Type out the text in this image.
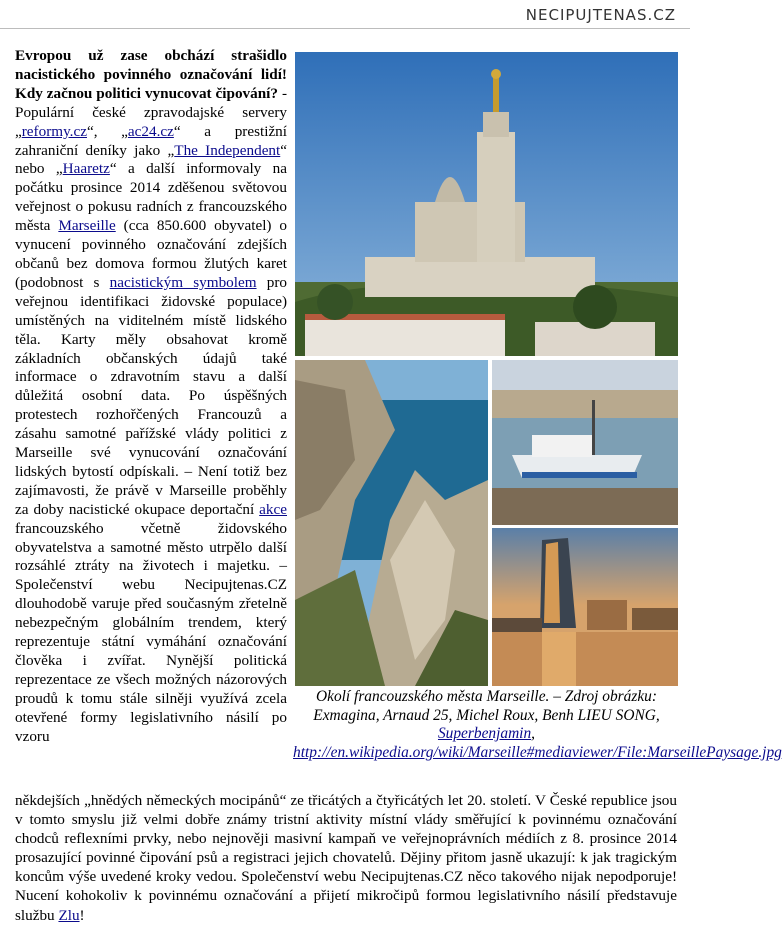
NECIPUJTENAS.CZ

Evropou už zase obchází strašidlo nacistického povinného označování lidí! Kdy začnou politici vynucovat čipování? - Populární české zpravodajské servery „reformy.cz“, „ac24.cz“ a prestižní zahraniční deníky jako „The Independent“ nebo „Haaretz“ a další informovaly na počátku prosince 2014 zděšenou světovou veřejnost o pokusu radních z francouzského města Marseille (cca 850.600 obyvatel) o vynucení povinného označování zdejších občanů bez domova formou žlutých karet (podobnost s nacistickým symbolem pro veřejnou identifikaci židovské populace) umístěných na viditelném místě lidského těla. Karty měly obsahovat kromě základních občanských údajů také informace o zdravotním stavu a další důležitá osobní data. Po úspěšných protestech rozhořčených Francouzů a zásahu samotné pařížské vlády politici z Marseille své vynucování označování lidských bytostí odpískali. – Není totiž bez zajímavosti, že právě v Marseille proběhly za doby nacistické okupace deportační akce francouzského včetně židovského obyvatelstva a samotné město utrpělo další rozsáhlé ztráty na životech i majetku. – Společenství webu Necipujtenas.CZ dlouhodobě varuje před současným zřetelně nebezpečným globálním trendem, který reprezentuje státní vymáhání označování člověka i zvířat. Nynější politická reprezentace ze všech možných názorových proudů k tomu stále silněji využívá zcela otevřené formy legislativního násilí po vzoru

Okolí francouzského města Marseille. – Zdroj obrázku: Exmagina, Arnaud 25, Michel Roux, Benh LIEU SONG,
Superbenjamin,
http://en.wikipedia.org/wiki/Marseille#mediaviewer/File:MarseillePaysage.jpg

někdejších „hnědých německých mocipánů“ ze třicátých a čtyřicátých let 20. století. V České republice jsou v tomto smyslu již velmi dobře známy tristní aktivity místní vlády směřující k povinnému označování chodců reflexními prvky, nebo nejnověji masivní kampaň ve veřejnoprávních médiích z 8. prosince 2014 prosazující povinné čipování psů a registraci jejich chovatelů. Dějiny přitom jasně ukazují: k jak tragickým koncům výše uvedené kroky vedou. Společenství webu Necipujtenas.CZ něco takového nijak nepodporuje! Nucení kohokoliv k povinnému označování a přijetí mikročipů formou legislativního násilí představuje službu Zlu!
